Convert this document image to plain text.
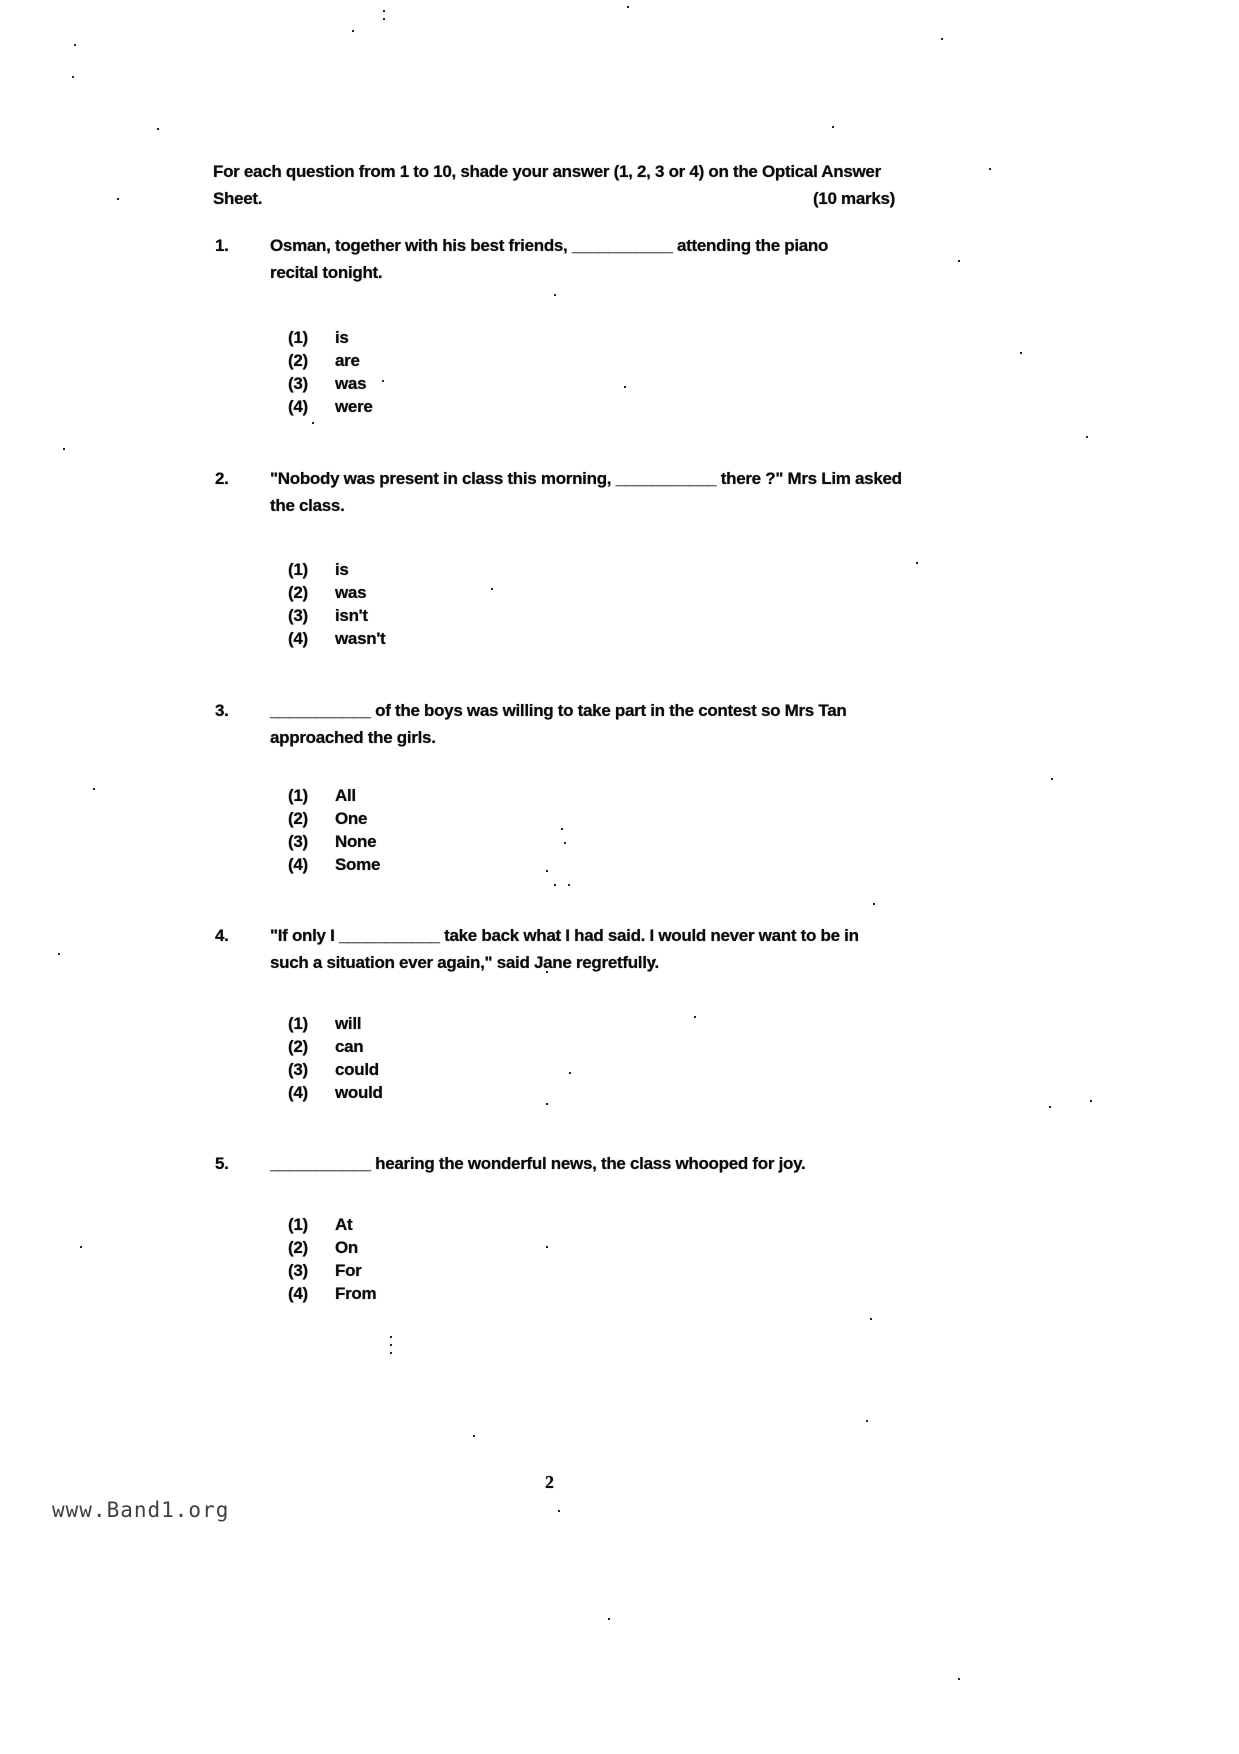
For each question from 1 to 10, shade your answer (1, 2, 3 or 4) on the Optical Answer
Sheet.	(10 marks)
1.	Osman, together with his best friends, ___________ attending the piano
recital tonight.
(1) is
(2) are
(3) was
(4) were
2.	"Nobody was present in class this morning, ___________ there ?" Mrs Lim asked
the class.
(1) is
(2) was
(3) isn't
(4) wasn't
3.	___________ of the boys was willing to take part in the contest so Mrs Tan
approached the girls.
(1) All
(2) One
(3) None
(4) Some
4.	"If only I ___________ take back what I had said. I would never want to be in
such a situation ever again," said Jane regretfully.
(1) will
(2) can
(3) could
(4) would
5.	___________ hearing the wonderful news, the class whooped for joy.
(1) At
(2) On
(3) For
(4) From
2
www.Band1.org
